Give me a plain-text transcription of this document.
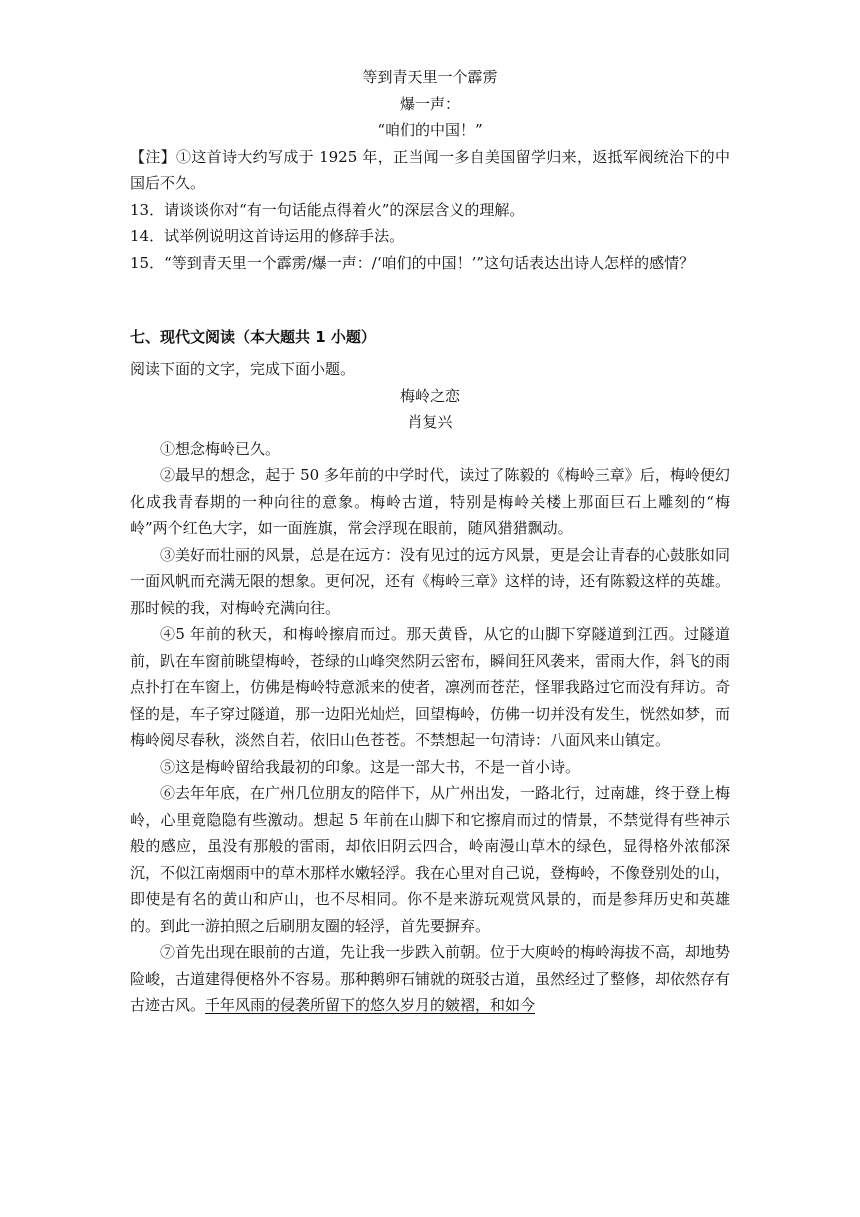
等到青天里一个霹雳
爆一声：
“咱们的中国！”

【注】①这首诗大约写成于 1925 年，正当闻一多自美国留学归来，返抵军阀统治下的中国后不久。

13．请谈谈你对“有一句话能点得着火”的深层含义的理解。

14．试举例说明这首诗运用的修辞手法。

15．“等到青天里一个霹雳/爆一声：/‘咱们的中国！’”这句话表达出诗人怎样的感情？

七、现代文阅读（本大题共 1 小题）

阅读下面的文字，完成下面小题。

梅岭之恋
肖复兴

①想念梅岭已久。

②最早的想念，起于 50 多年前的中学时代，读过了陈毅的《梅岭三章》后，梅岭便幻化成我青春期的一种向往的意象。梅岭古道，特别是梅岭关楼上那面巨石上雕刻的“梅岭”两个红色大字，如一面旌旗，常会浮现在眼前，随风猎猎飘动。

③美好而壮丽的风景，总是在远方：没有见过的远方风景，更是会让青春的心鼓胀如同一面风帆而充满无限的想象。更何况，还有《梅岭三章》这样的诗，还有陈毅这样的英雄。那时候的我，对梅岭充满向往。

④5 年前的秋天，和梅岭擦肩而过。那天黄昏，从它的山脚下穿隧道到江西。过隧道前，趴在车窗前眺望梅岭，苍绿的山峰突然阴云密布，瞬间狂风袭来，雷雨大作，斜飞的雨点扑打在车窗上，仿佛是梅岭特意派来的使者，凛冽而苍茫，怪罪我路过它而没有拜访。奇怪的是，车子穿过隧道，那一边阳光灿烂，回望梅岭，仿佛一切并没有发生，恍然如梦，而梅岭阅尽春秋，淡然自若，依旧山色苍苍。不禁想起一句清诗：八面风来山镇定。

⑤这是梅岭留给我最初的印象。这是一部大书，不是一首小诗。

⑥去年年底，在广州几位朋友的陪伴下，从广州出发，一路北行，过南雄，终于登上梅岭，心里竟隐隐有些激动。想起 5 年前在山脚下和它擦肩而过的情景，不禁觉得有些神示般的感应，虽没有那般的雷雨，却依旧阴云四合，岭南漫山草木的绿色，显得格外浓郁深沉，不似江南烟雨中的草木那样水嫩轻浮。我在心里对自己说，登梅岭，不像登别处的山，即使是有名的黄山和庐山，也不尽相同。你不是来游玩观赏风景的，而是参拜历史和英雄的。到此一游拍照之后刷朋友圈的轻浮，首先要摒弃。

⑦首先出现在眼前的古道，先让我一步跌入前朝。位于大庾岭的梅岭海拔不高，却地势险峻，古道建得便格外不容易。那种鹅卵石铺就的斑驳古道，虽然经过了整修，却依然存有古迹古风。千年风雨的侵袭所留下的悠久岁月的皴褶，和如今
